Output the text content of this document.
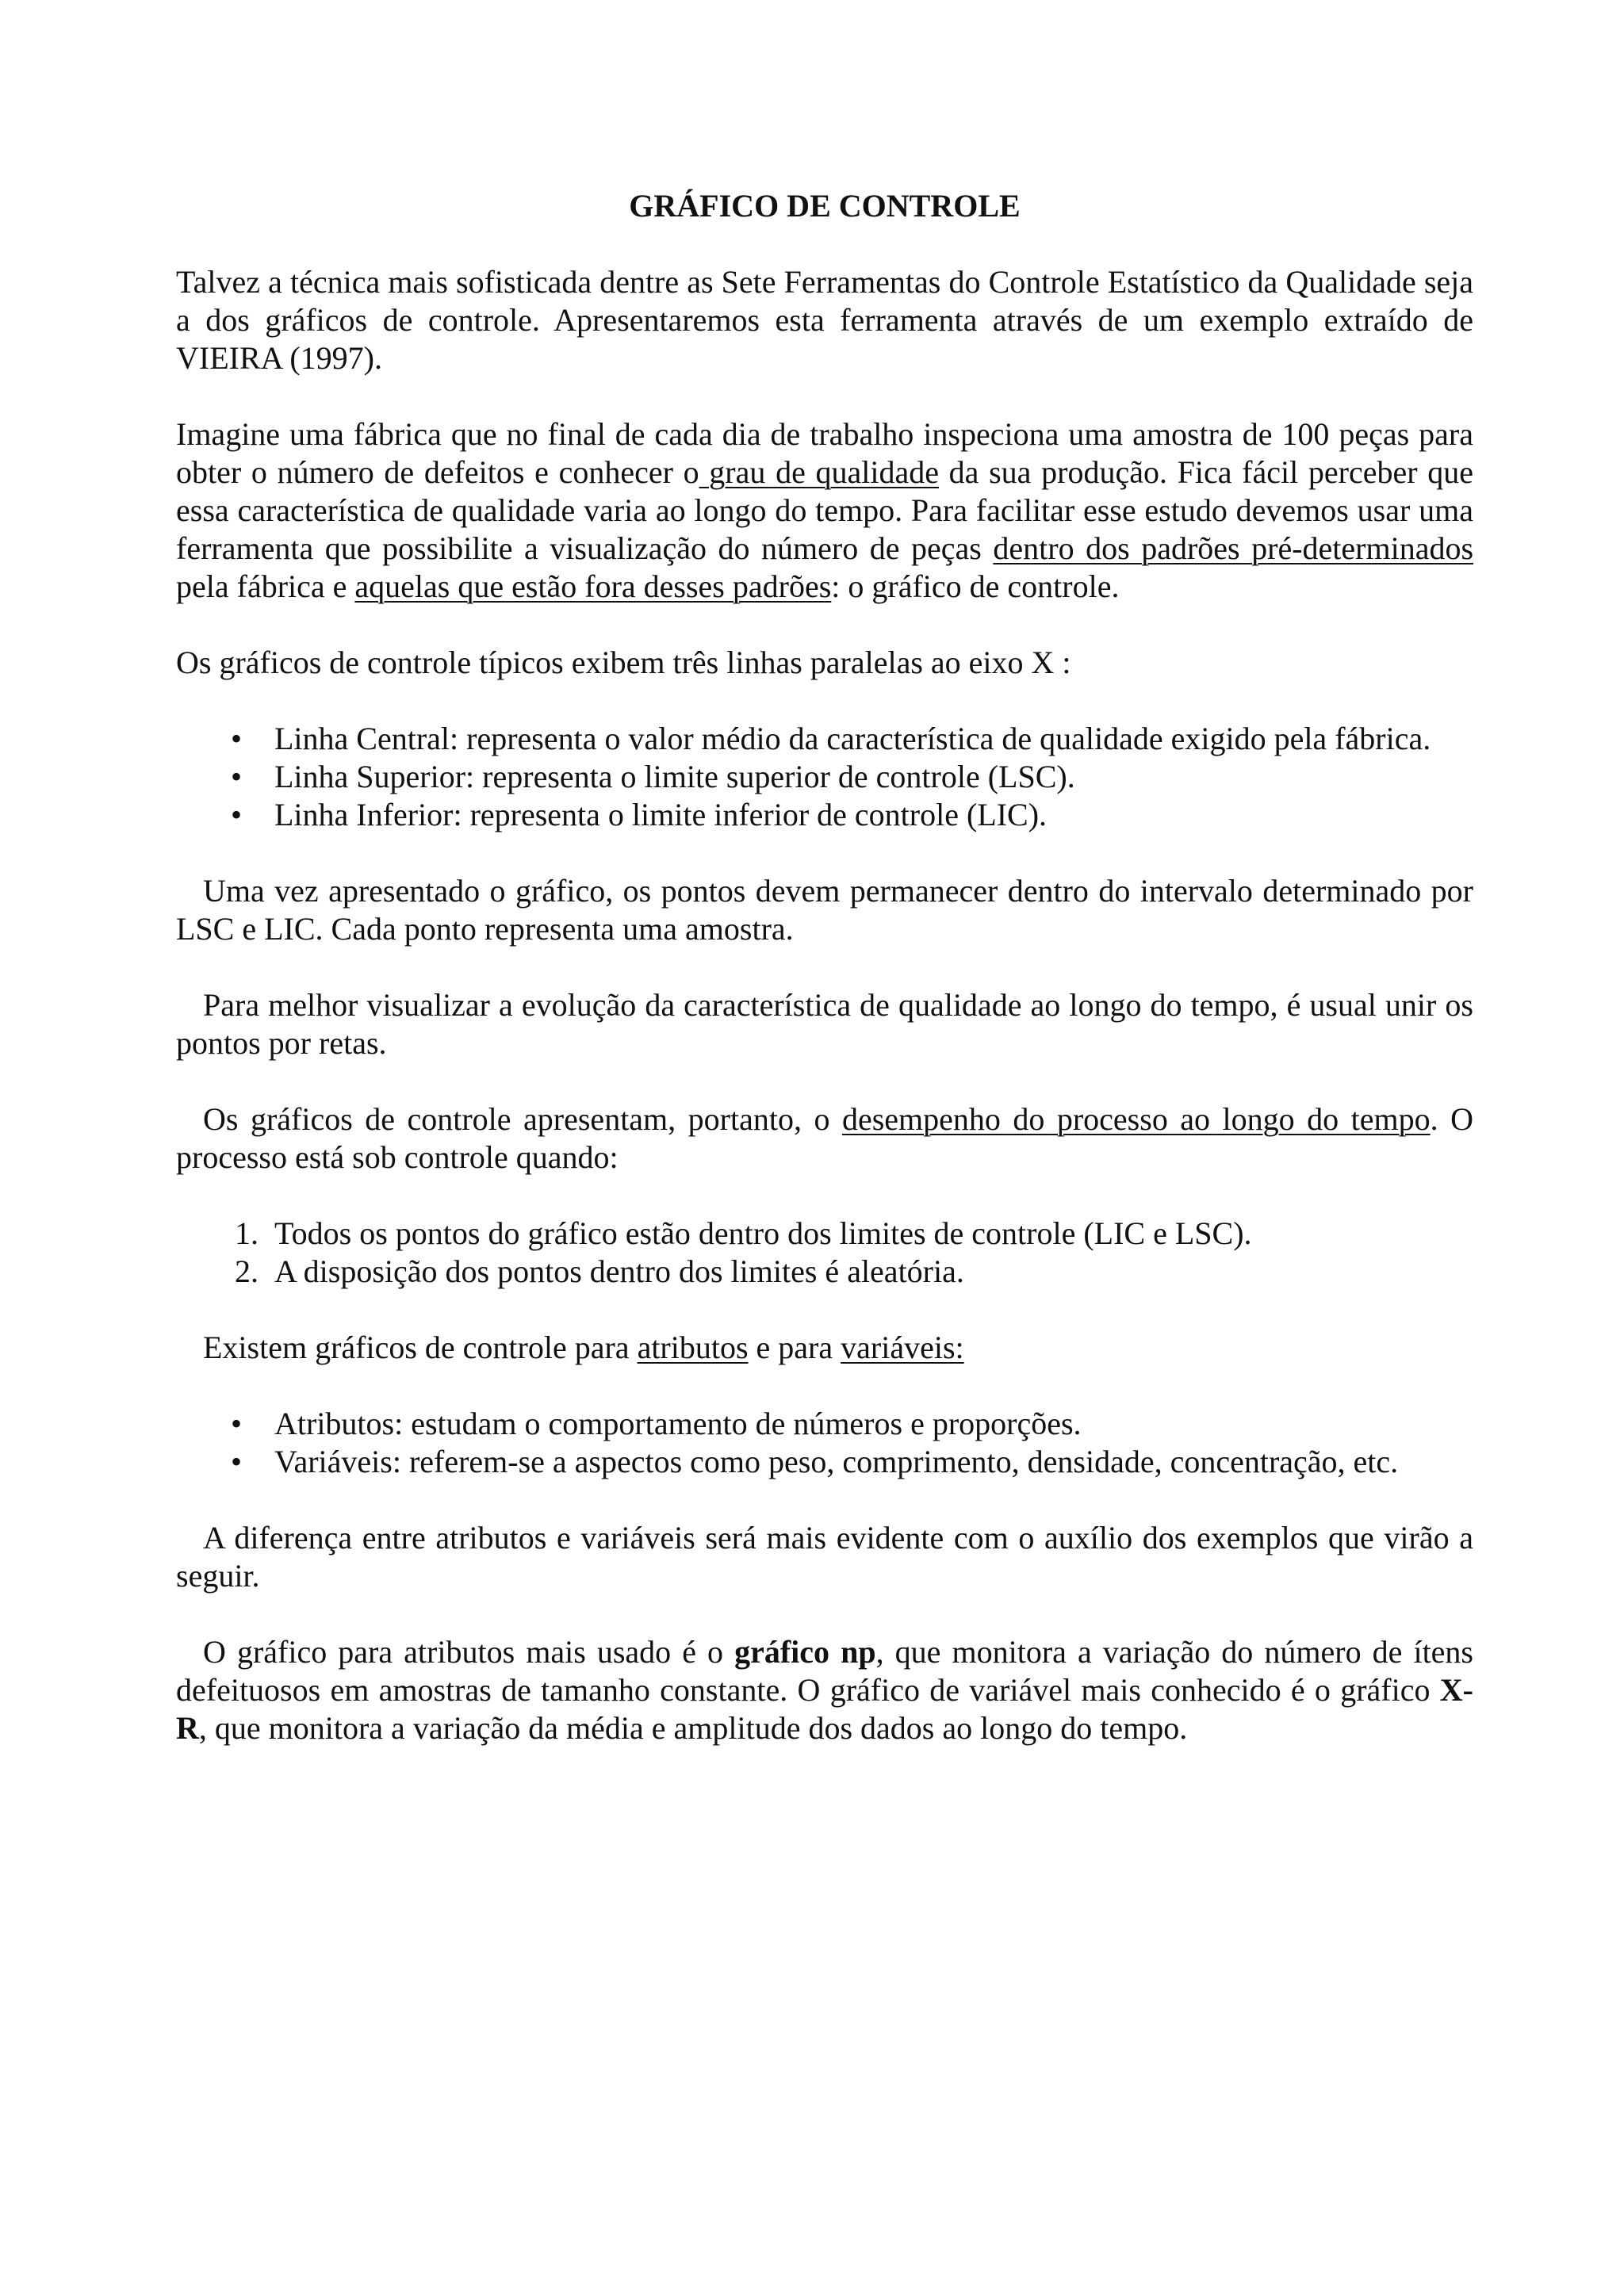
GRÁFICO DE CONTROLE

Talvez a técnica mais sofisticada dentre as Sete Ferramentas do Controle Estatístico da Qualidade seja a dos gráficos de controle. Apresentaremos esta ferramenta através de um exemplo extraído de VIEIRA (1997).

Imagine uma fábrica que no final de cada dia de trabalho inspeciona uma amostra de 100 peças para obter o número de defeitos e conhecer o grau de qualidade da sua produção. Fica fácil perceber que essa característica de qualidade varia ao longo do tempo. Para facilitar esse estudo devemos usar uma ferramenta que possibilite a visualização do número de peças dentro dos padrões pré-determinados pela fábrica e aquelas que estão fora desses padrões: o gráfico de controle.

Os gráficos de controle típicos exibem três linhas paralelas ao eixo X :

•	Linha Central: representa o valor médio da característica de qualidade exigido pela fábrica.
•	Linha Superior: representa o limite superior de controle (LSC).
•	Linha Inferior: representa o limite inferior de controle (LIC).

Uma vez apresentado o gráfico, os pontos devem permanecer dentro do intervalo determinado por LSC e LIC. Cada ponto representa uma amostra.

Para melhor visualizar a evolução da característica de qualidade ao longo do tempo, é usual unir os pontos por retas.

Os gráficos de controle apresentam, portanto, o desempenho do processo ao longo do tempo. O processo está sob controle quando:

1. Todos os pontos do gráfico estão dentro dos limites de controle (LIC e LSC).
2. A disposição dos pontos dentro dos limites é aleatória.

Existem gráficos de controle para atributos e para variáveis:

•	Atributos: estudam o comportamento de números e proporções.
•	Variáveis: referem-se a aspectos como peso, comprimento, densidade, concentração, etc.

A diferença entre atributos e variáveis será mais evidente com o auxílio dos exemplos que virão a seguir.

O gráfico para atributos mais usado é o gráfico np, que monitora a variação do número de ítens defeituosos em amostras de tamanho constante. O gráfico de variável mais conhecido é o gráfico X-R, que monitora a variação da média e amplitude dos dados ao longo do tempo.
